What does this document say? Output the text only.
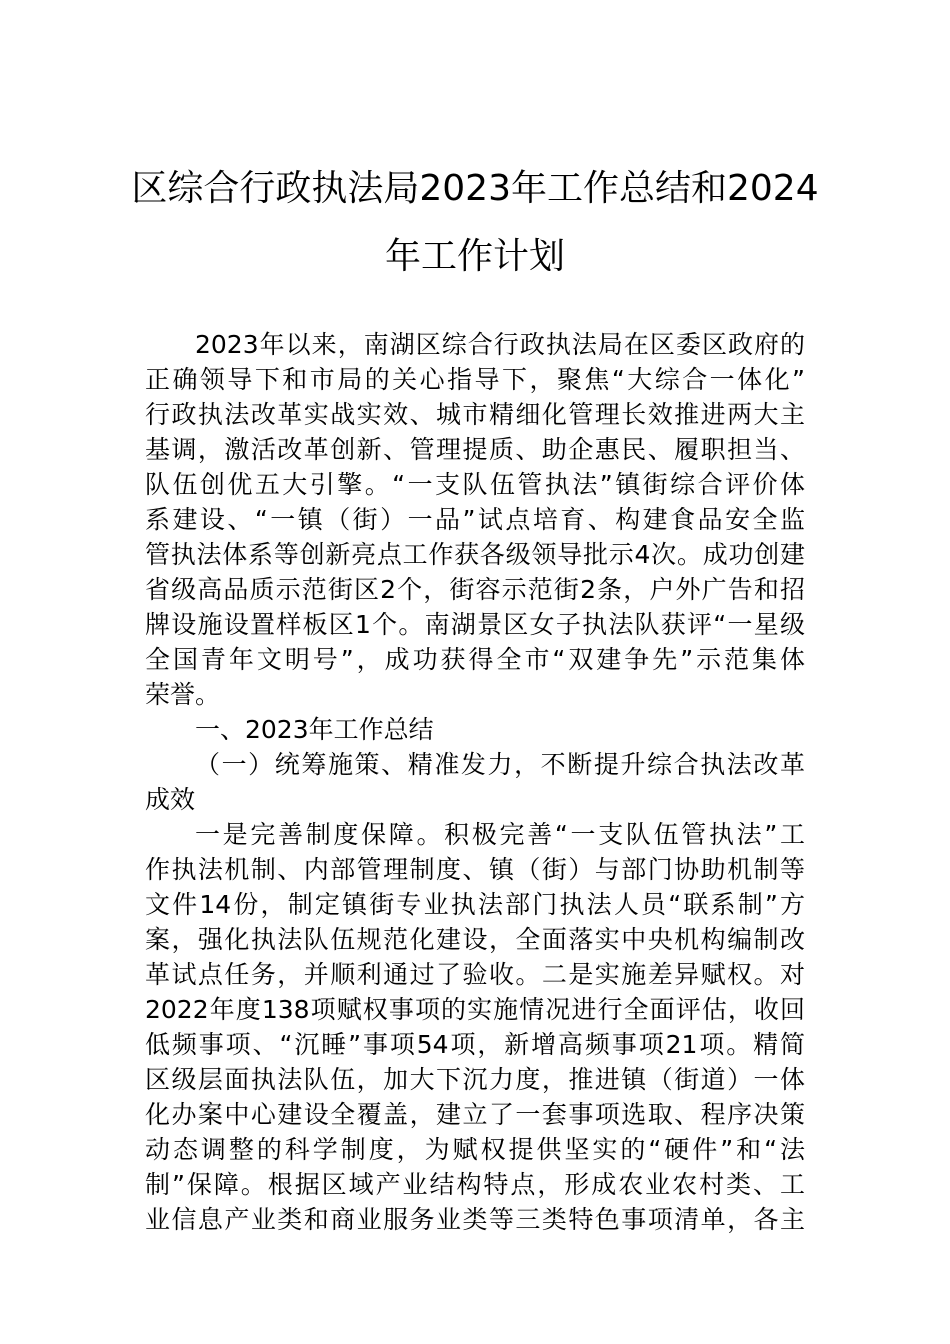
区综合行政执法局2023年工作总结和2024
年工作计划
2023年以来，南湖区综合行政执法局在区委区政府的
正确领导下和市局的关心指导下，聚焦“大综合一体化”
行政执法改革实战实效、城市精细化管理长效推进两大主
基调，激活改革创新、管理提质、助企惠民、履职担当、
队伍创优五大引擎。“一支队伍管执法”镇街综合评价体
系建设、“一镇（街）一品”试点培育、构建食品安全监
管执法体系等创新亮点工作获各级领导批示4次。成功创建
省级高品质示范街区2个，街容示范街2条，户外广告和招
牌设施设置样板区1个。南湖景区女子执法队获评“一星级
全国青年文明号”，成功获得全市“双建争先”示范集体
荣誉。
一、2023年工作总结
（一）统筹施策、精准发力，不断提升综合执法改革
成效
一是完善制度保障。积极完善“一支队伍管执法”工
作执法机制、内部管理制度、镇（街）与部门协助机制等
文件14份，制定镇街专业执法部门执法人员“联系制”方
案，强化执法队伍规范化建设，全面落实中央机构编制改
革试点任务，并顺利通过了验收。二是实施差异赋权。对
2022年度138项赋权事项的实施情况进行全面评估，收回
低频事项、“沉睡”事项54项，新增高频事项21项。精简
区级层面执法队伍，加大下沉力度，推进镇（街道）一体
化办案中心建设全覆盖，建立了一套事项选取、程序决策
动态调整的科学制度，为赋权提供坚实的“硬件”和“法
制”保障。根据区域产业结构特点，形成农业农村类、工
业信息产业类和商业服务业类等三类特色事项清单，各主
